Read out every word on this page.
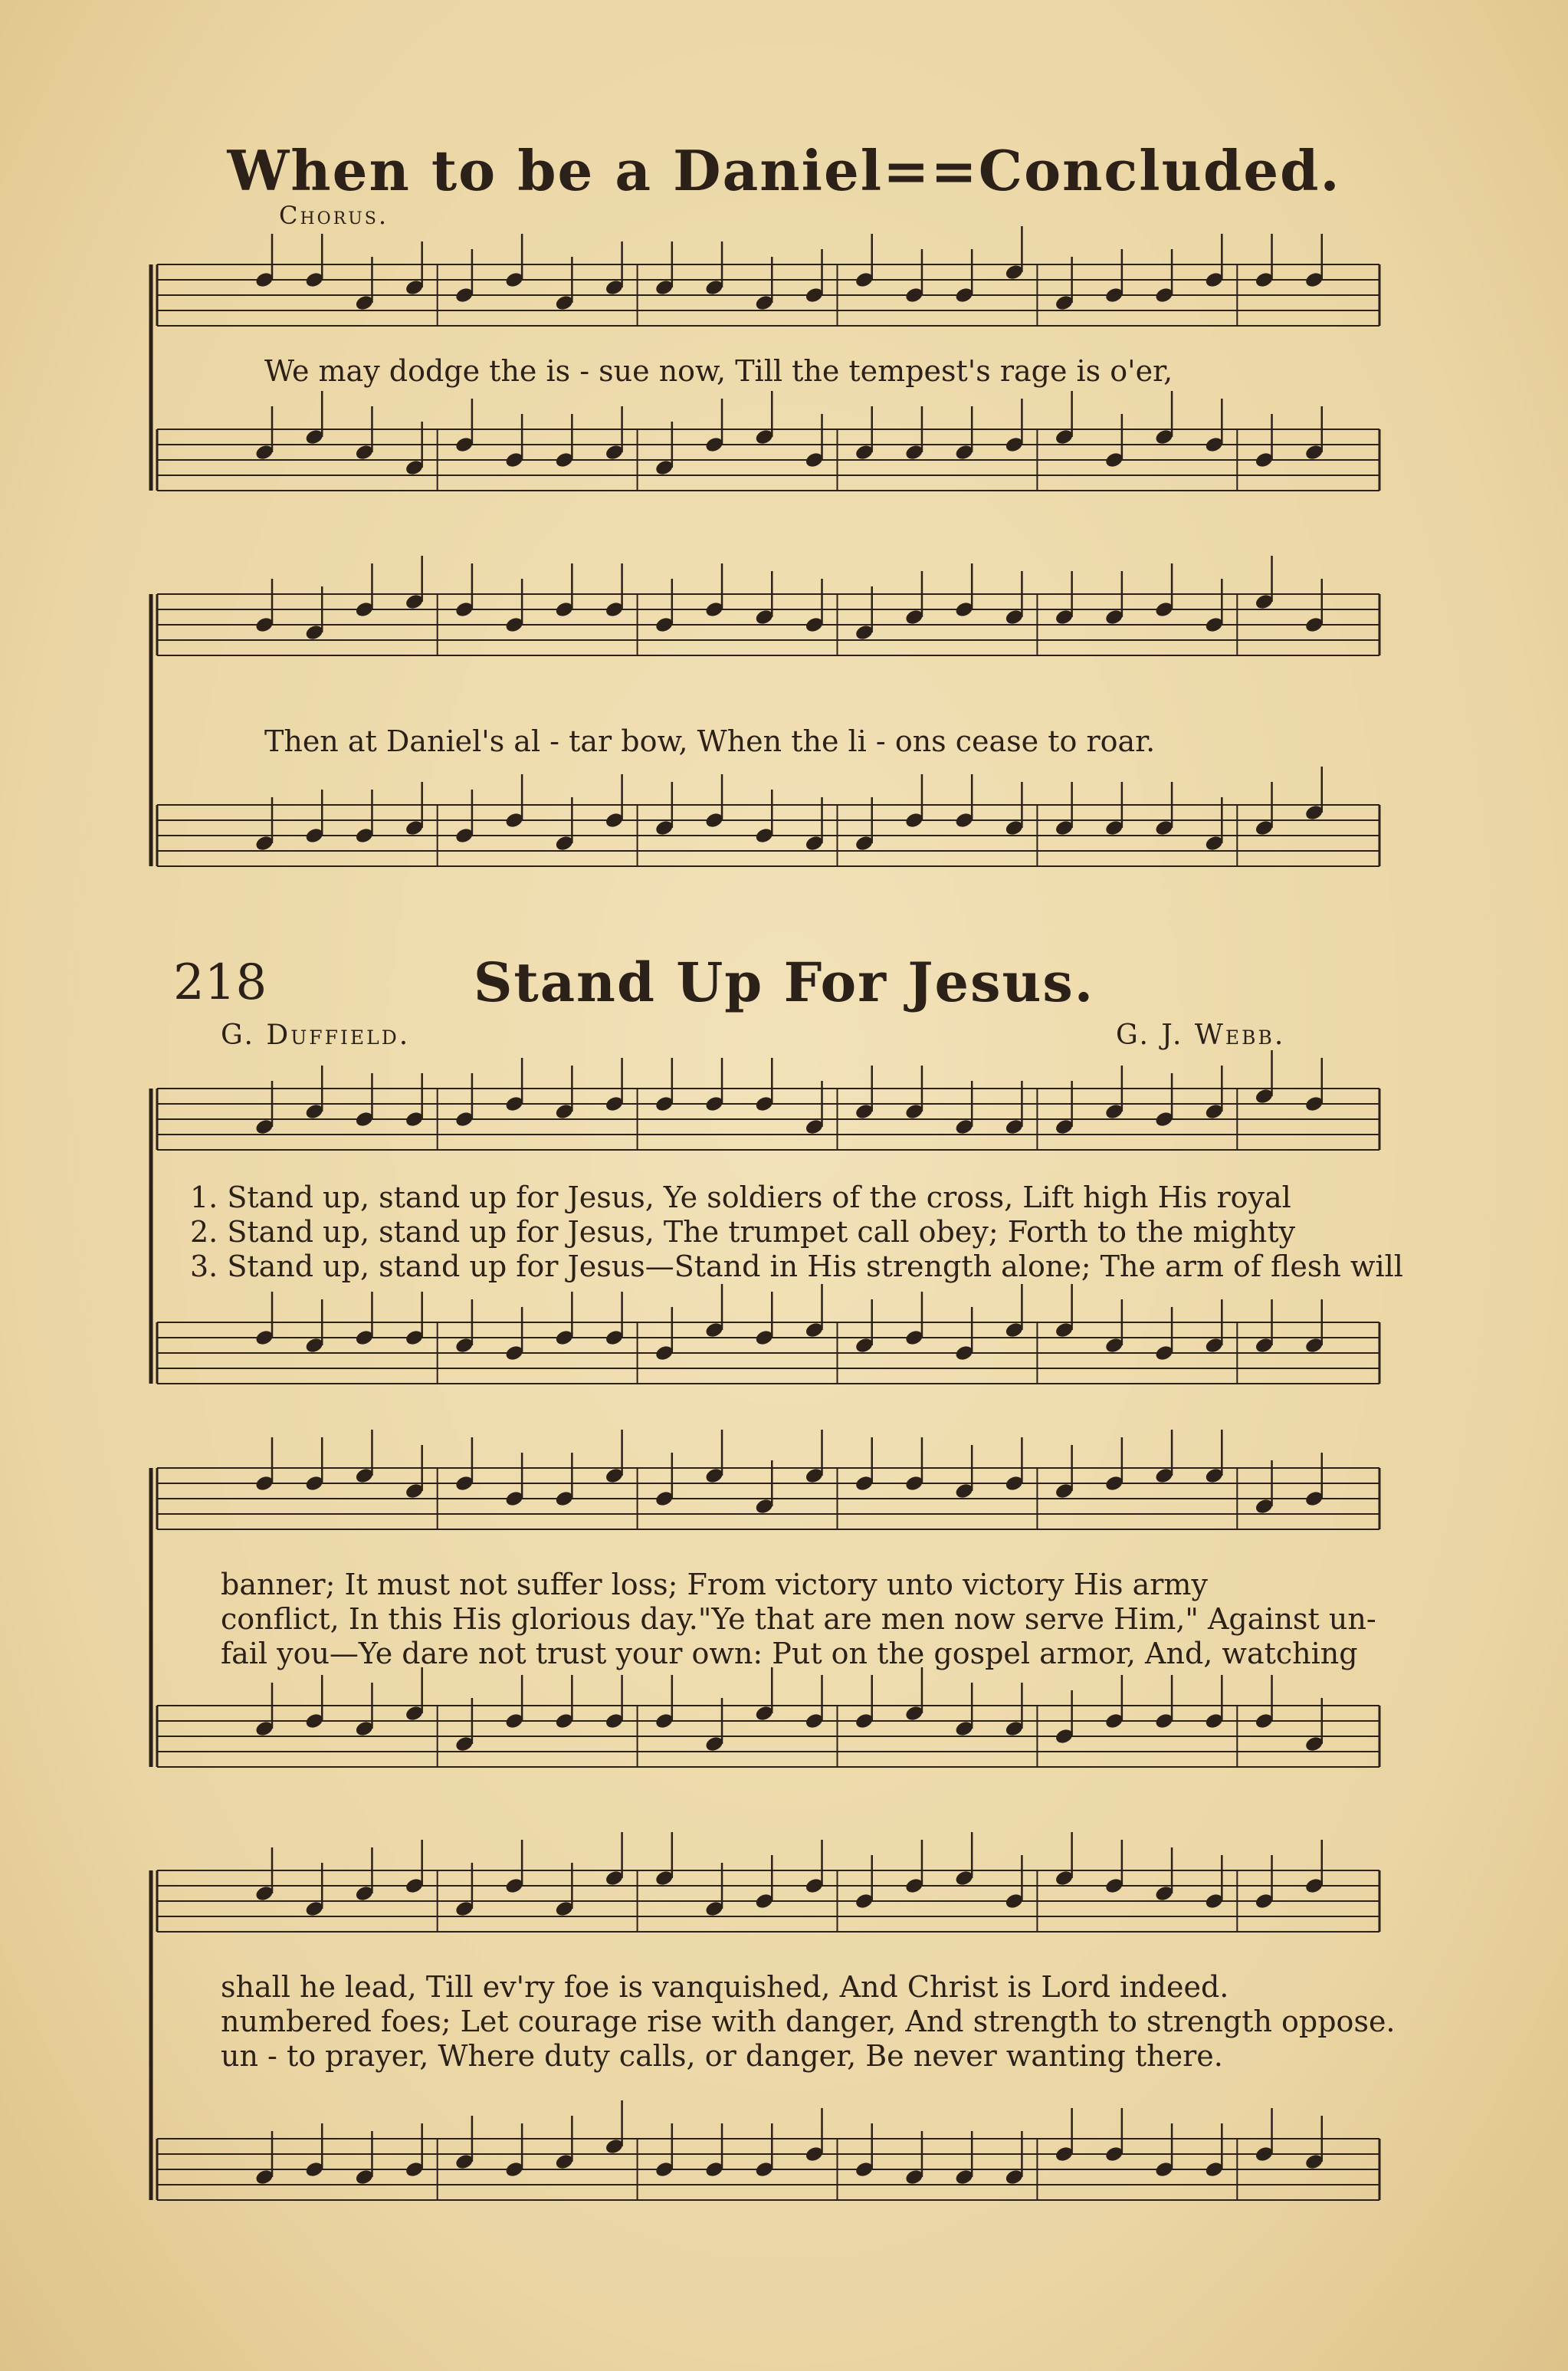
When to be a Daniel==Concluded.
Chorus.
We may dodge the is - sue now, Till the tempest's rage is o'er,
Then at Daniel's al - tar bow, When the li - ons cease to roar.
218	Stand Up For Jesus.
G. Duffield.	G. J. Webb.
1. Stand up, stand up for Jesus, Ye soldiers of the cross, Lift high His royal
2. Stand up, stand up for Jesus, The trumpet call obey; Forth to the mighty
3. Stand up, stand up for Jesus—Stand in His strength alone; The arm of flesh will
banner; It must not suffer loss; From victory unto victory His army
conflict, In this His glorious day."Ye that are men now serve Him," Against un-
fail you—Ye dare not trust your own: Put on the gospel armor, And, watching
shall he lead, Till ev'ry foe is vanquished, And Christ is Lord indeed.
numbered foes; Let courage rise with danger, And strength to strength oppose.
un - to prayer, Where duty calls, or danger, Be never wanting there.
